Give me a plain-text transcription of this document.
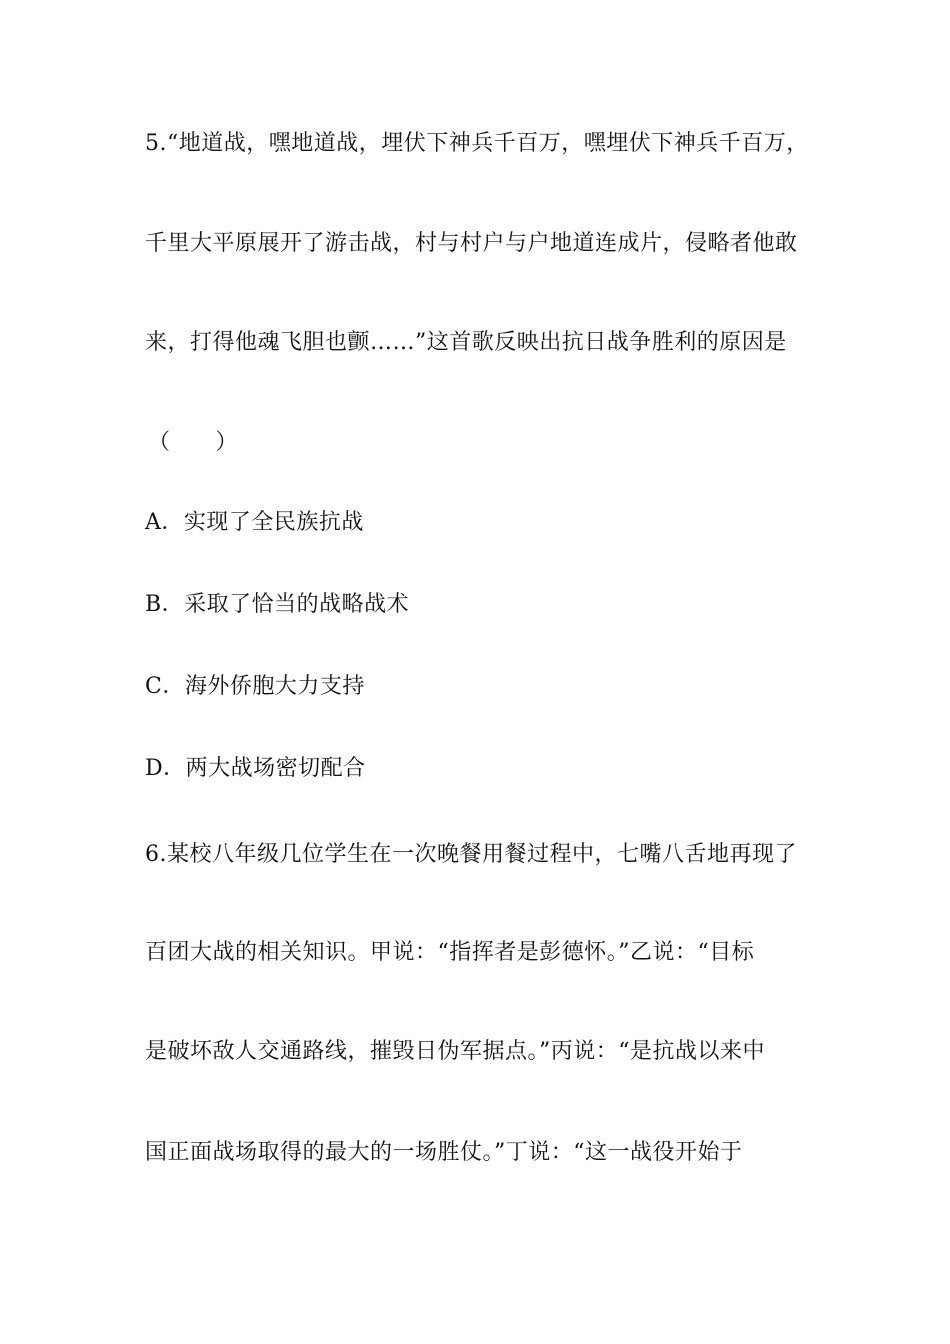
5.“地道战，嘿地道战，埋伏下神兵千百万，嘿埋伏下神兵千百万，
千里大平原展开了游击战，村与村户与户地道连成片，侵略者他敢
来，打得他魂飞胆也颤……”这首歌反映出抗日战争胜利的原因是
（　　）
A．实现了全民族抗战
B．采取了恰当的战略战术
C．海外侨胞大力支持
D．两大战场密切配合
6.某校八年级几位学生在一次晚餐用餐过程中，七嘴八舌地再现了
百团大战的相关知识。甲说：“指挥者是彭德怀。”乙说：“目标
是破坏敌人交通路线，摧毁日伪军据点。”丙说：“是抗战以来中
国正面战场取得的最大的一场胜仗。”丁说：“这一战役开始于
